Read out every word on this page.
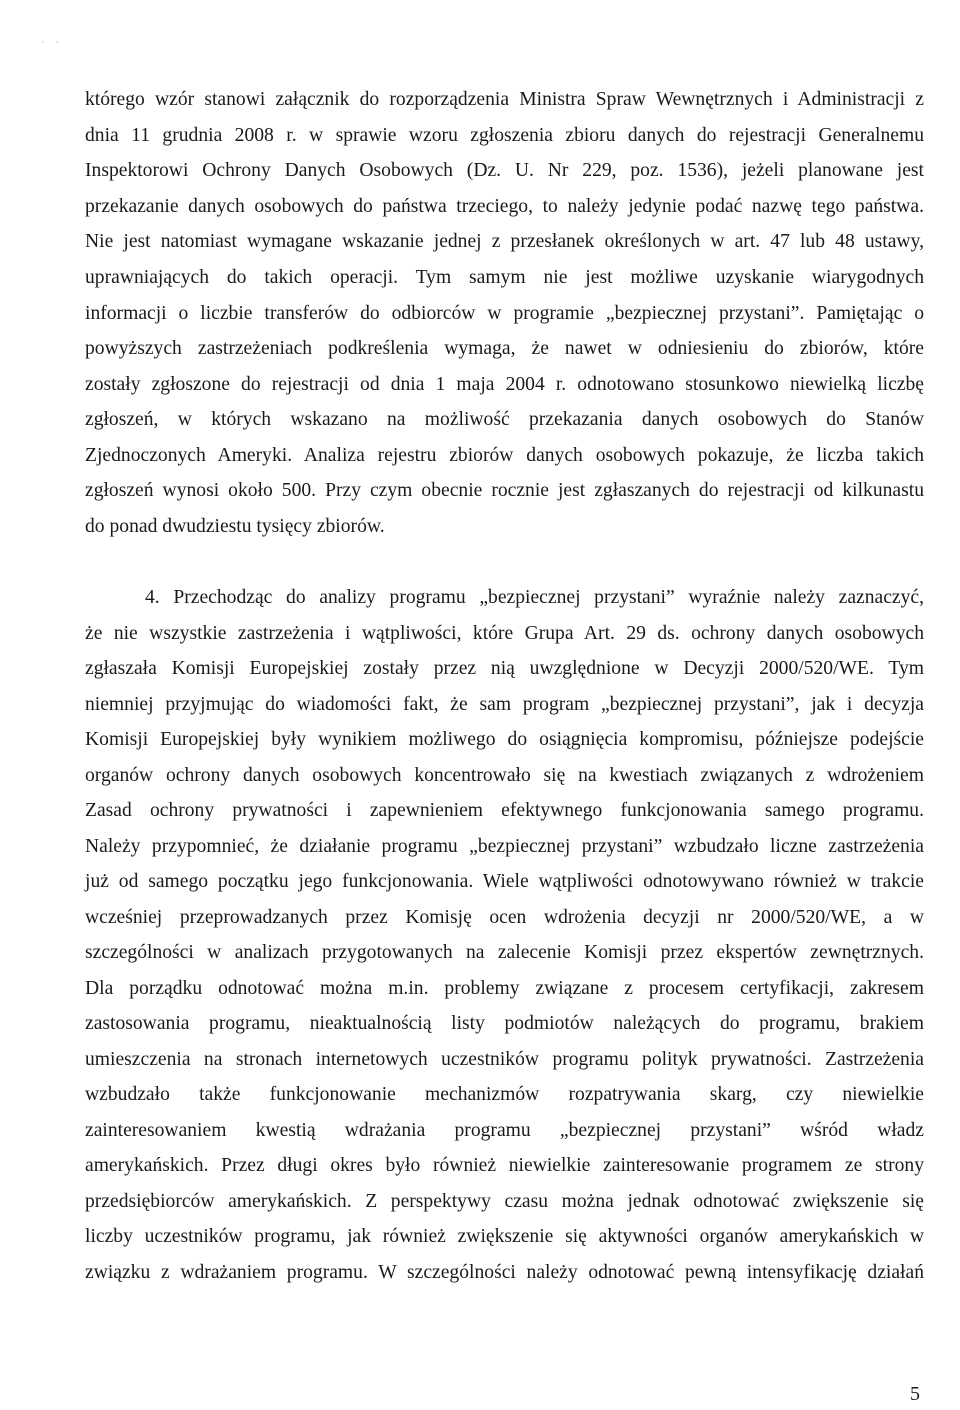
' '
którego wzór stanowi załącznik do rozporządzenia Ministra Spraw Wewnętrznych i Administracji z
dnia 11 grudnia 2008 r. w sprawie wzoru zgłoszenia zbioru danych do rejestracji Generalnemu
Inspektorowi Ochrony Danych Osobowych (Dz. U. Nr 229, poz. 1536), jeżeli planowane jest
przekazanie danych osobowych do państwa trzeciego, to należy jedynie podać nazwę tego państwa.
Nie jest natomiast wymagane wskazanie jednej z przesłanek określonych w art. 47 lub 48 ustawy,
uprawniających do takich operacji. Tym samym nie jest możliwe uzyskanie wiarygodnych
informacji o liczbie transferów do odbiorców w programie „bezpiecznej przystani”. Pamiętając o
powyższych zastrzeżeniach podkreślenia wymaga, że nawet w odniesieniu do zbiorów, które
zostały zgłoszone do rejestracji od dnia 1 maja 2004 r. odnotowano stosunkowo niewielką liczbę
zgłoszeń, w których wskazano na możliwość przekazania danych osobowych do Stanów
Zjednoczonych Ameryki. Analiza rejestru zbiorów danych osobowych pokazuje, że liczba takich
zgłoszeń wynosi około 500. Przy czym obecnie rocznie jest zgłaszanych do rejestracji od kilkunastu
do ponad dwudziestu tysięcy zbiorów.
4. Przechodząc do analizy programu „bezpiecznej przystani” wyraźnie należy zaznaczyć,
że nie wszystkie zastrzeżenia i wątpliwości, które Grupa Art. 29 ds. ochrony danych osobowych
zgłaszała Komisji Europejskiej zostały przez nią uwzględnione w Decyzji 2000/520/WE. Tym
niemniej przyjmując do wiadomości fakt, że sam program „bezpiecznej przystani”, jak i decyzja
Komisji Europejskiej były wynikiem możliwego do osiągnięcia kompromisu, późniejsze podejście
organów ochrony danych osobowych koncentrowało się na kwestiach związanych z wdrożeniem
Zasad ochrony prywatności i zapewnieniem efektywnego funkcjonowania samego programu.
Należy przypomnieć, że działanie programu „bezpiecznej przystani” wzbudzało liczne zastrzeżenia
już od samego początku jego funkcjonowania. Wiele wątpliwości odnotowywano również w trakcie
wcześniej przeprowadzanych przez Komisję ocen wdrożenia decyzji nr 2000/520/WE, a w
szczególności w analizach przygotowanych na zalecenie Komisji przez ekspertów zewnętrznych.
Dla porządku odnotować można m.in. problemy związane z procesem certyfikacji, zakresem
zastosowania programu, nieaktualnością listy podmiotów należących do programu, brakiem
umieszczenia na stronach internetowych uczestników programu polityk prywatności. Zastrzeżenia
wzbudzało także funkcjonowanie mechanizmów rozpatrywania skarg, czy niewielkie
zainteresowaniem kwestią wdrażania programu „bezpiecznej przystani” wśród władz
amerykańskich. Przez długi okres było również niewielkie zainteresowanie programem ze strony
przedsiębiorców amerykańskich. Z perspektywy czasu można jednak odnotować zwiększenie się
liczby uczestników programu, jak również zwiększenie się aktywności organów amerykańskich w
związku z wdrażaniem programu. W szczególności należy odnotować pewną intensyfikację działań
5
